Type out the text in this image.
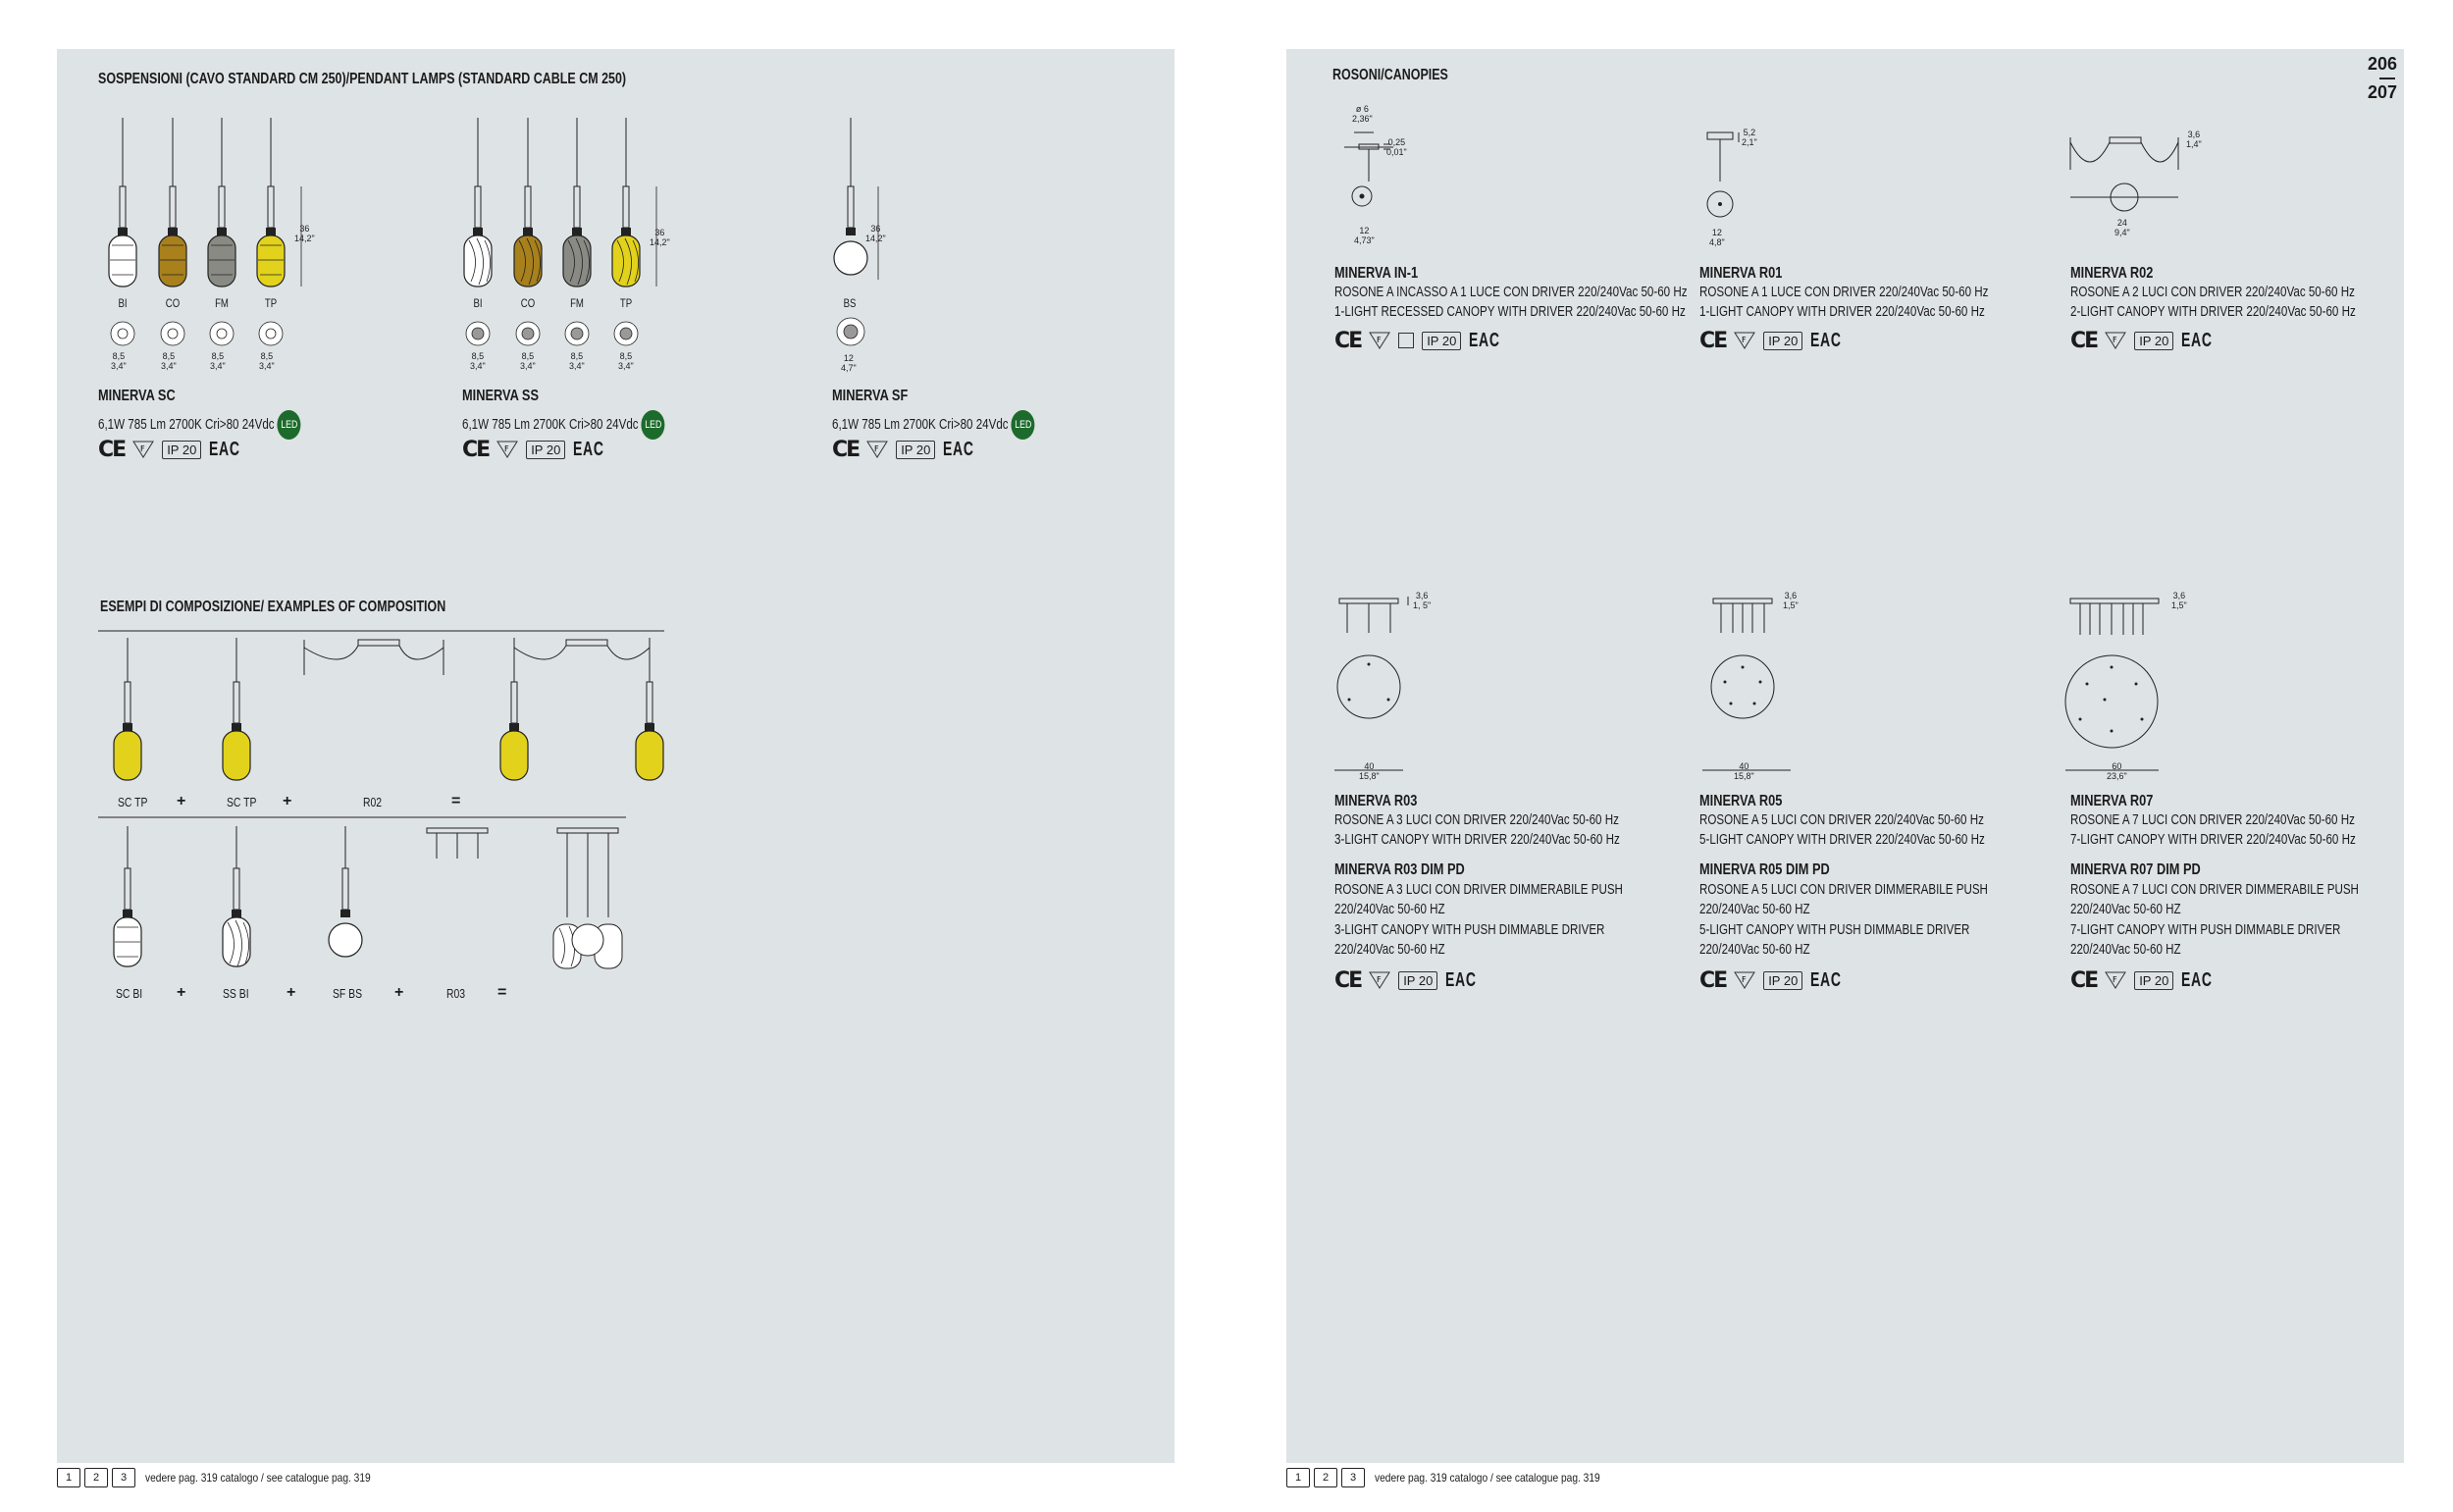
SOSPENSIONI (CAVO STANDARD CM 250)/PENDANT LAMPS (STANDARD CABLE CM 250)
36
14,2"
BI	CO	FM	TP
8,5
3,4"
8,5
3,4"
8,5
3,4"
8,5
3,4"
MINERVA SC
6,1W 785 Lm 2700K Cri>80 24Vdc LED
CE F	IP 20 EAC
36
14,2"
BI	CO	FM	TP
8,5
3,4"
8,5
3,4"
8,5
3,4"
8,5
3,4"
MINERVA SS
6,1W 785 Lm 2700K Cri>80 24Vdc LED
CE F	IP 20 EAC
36
14,2"
BS
12
4,7"
MINERVA SF
6,1W 785 Lm 2700K Cri>80 24Vdc LED
CE F	IP 20 EAC
ESEMPI DI COMPOSIZIONE/ EXAMPLES OF COMPOSITION
SC TP +	SC TP +	R02	=
SC BI +	SS BI +	SF BS +	R03 =
1	2	3	vedere pag. 319 catalogo / see catalogue pag. 319
206
207
ROSONI/CANOPIES
ø 6
2,36"
0,25
0,01"
12
4,73"
5,2
2,1"
12
4,8"
3,6
1,4"
24
9,4"
MINERVA IN-1
ROSONE A INCASSO A 1 LUCE CON DRIVER 220/240Vac 50-60 Hz
1-LIGHT RECESSED CANOPY WITH DRIVER 220/240Vac 50-60 Hz
CE F	IP 20 EAC
MINERVA R01
ROSONE A 1 LUCE CON DRIVER 220/240Vac 50-60 Hz
1-LIGHT CANOPY WITH DRIVER 220/240Vac 50-60 Hz
CE F	IP 20 EAC
MINERVA R02
ROSONE A 2 LUCI CON DRIVER 220/240Vac 50-60 Hz
2-LIGHT CANOPY WITH DRIVER 220/240Vac 50-60 Hz
CE F	IP 20 EAC
3,6
1, 5"
40
15,8"
3,6
1,5"
40
15,8"
3,6
1,5"
60
23,6"
MINERVA R03
ROSONE A 3 LUCI CON DRIVER 220/240Vac 50-60 Hz
3-LIGHT CANOPY WITH DRIVER 220/240Vac 50-60 Hz
MINERVA R03 DIM PD
ROSONE A 3 LUCI CON DRIVER DIMMERABILE PUSH
220/240Vac 50-60 HZ
3-LIGHT CANOPY WITH PUSH DIMMABLE DRIVER
220/240Vac 50-60 HZ
CE F	IP 20 EAC
MINERVA R05
ROSONE A 5 LUCI CON DRIVER 220/240Vac 50-60 Hz
5-LIGHT CANOPY WITH DRIVER 220/240Vac 50-60 Hz
MINERVA R05 DIM PD
ROSONE A 5 LUCI CON DRIVER DIMMERABILE PUSH
220/240Vac 50-60 HZ
5-LIGHT CANOPY WITH PUSH DIMMABLE DRIVER
220/240Vac 50-60 HZ
CE F	IP 20 EAC
MINERVA R07
ROSONE A 7 LUCI CON DRIVER 220/240Vac 50-60 Hz
7-LIGHT CANOPY WITH DRIVER 220/240Vac 50-60 Hz
MINERVA R07 DIM PD
ROSONE A 7 LUCI CON DRIVER DIMMERABILE PUSH
220/240Vac 50-60 HZ
7-LIGHT CANOPY WITH PUSH DIMMABLE DRIVER
220/240Vac 50-60 HZ
CE F	IP 20 EAC
1	2	3	vedere pag. 319 catalogo / see catalogue pag. 319
